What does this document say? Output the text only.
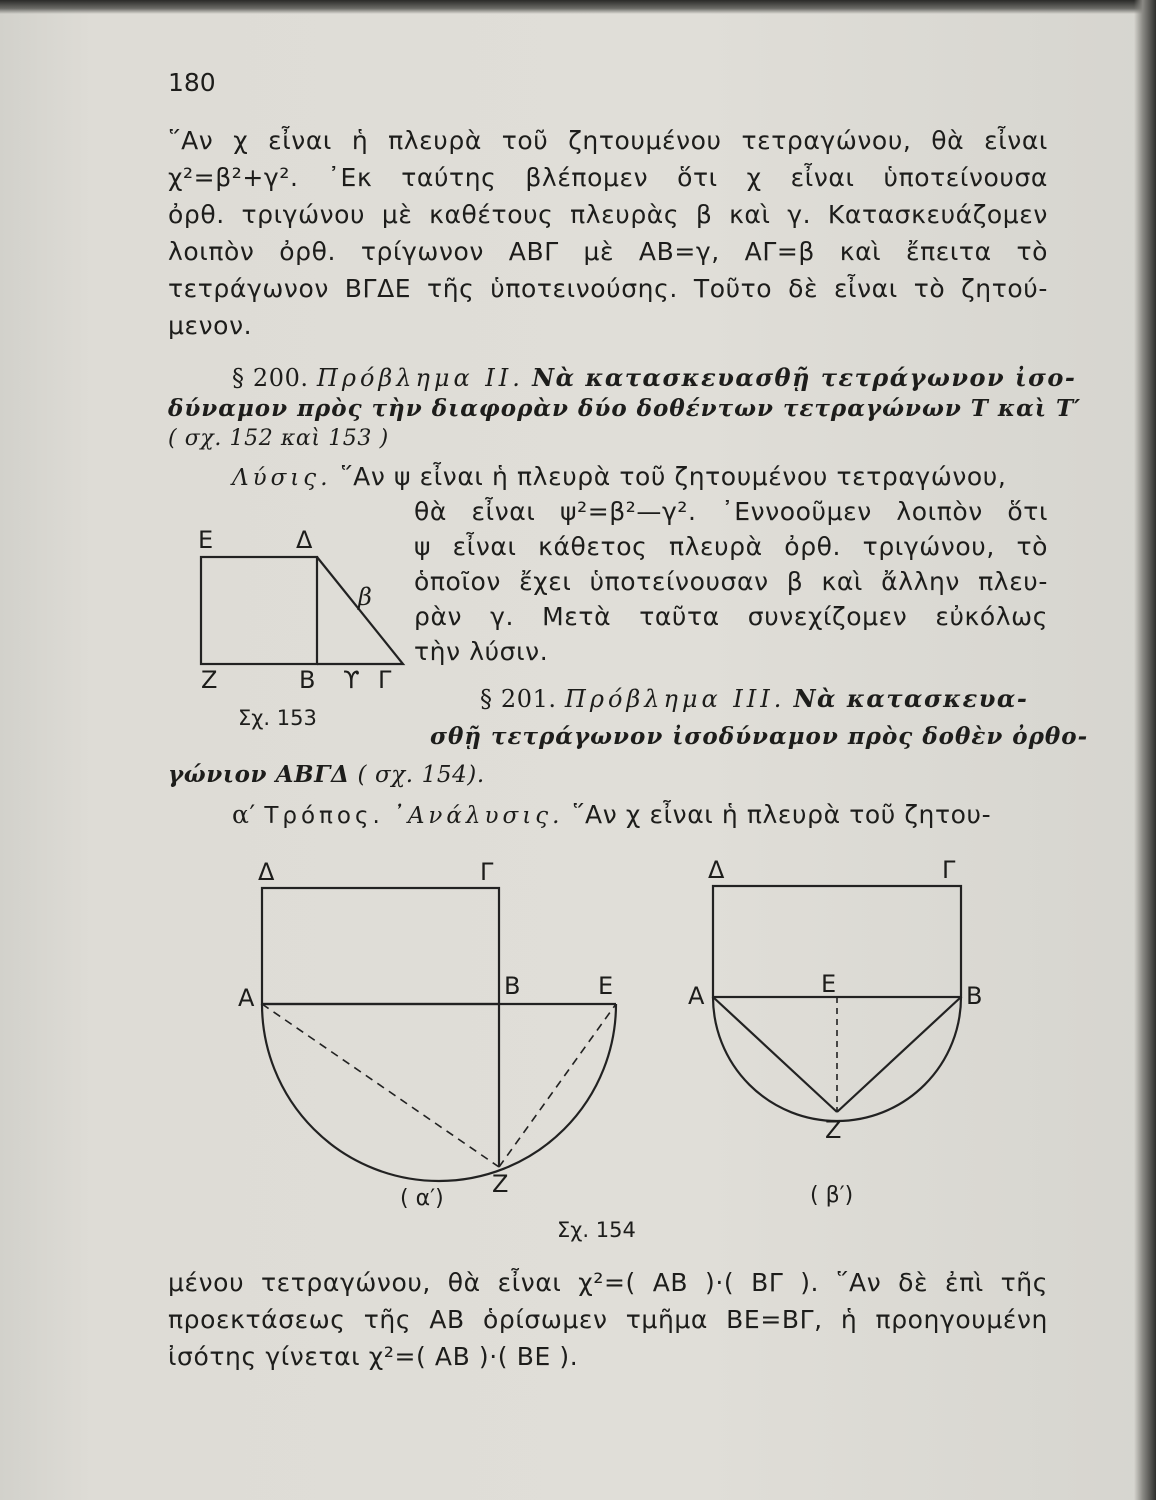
180
῞Αν χ εἶναι ἡ πλευρὰ τοῦ ζητουμένου τετραγώνου, θὰ εἶναι
χ²=β²+γ². ᾿Εκ ταύτης βλέπομεν ὅτι χ εἶναι ὑποτείνουσα
ὀρθ. τριγώνου μὲ καθέτους πλευρὰς β καὶ γ. Κατασκευάζομεν
λοιπὸν ὀρθ. τρίγωνον ΑΒΓ μὲ ΑΒ=γ, ΑΓ=β καὶ ἔπειτα τὸ
τετράγωνον ΒΓΔΕ τῆς ὑποτεινούσης. Τοῦτο δὲ εἶναι τὸ ζητού-
μενον.
§ 200. Πρόβλημα ΙΙ. Νὰ κατασκευασθῇ τετράγωνον ἰσο-
δύναμον πρὸς τὴν διαφορὰν δύο δοθέντων τετραγώνων Τ καὶ Τ′
( σχ. 152 καὶ 153 )
Λύσις. ῞Αν ψ εἶναι ἡ πλευρὰ τοῦ ζητουμένου τετραγώνου,
θὰ εἶναι ψ²=β²—γ². ᾿Εννοοῦμεν λοιπὸν ὅτι
ψ εἶναι κάθετος πλευρὰ ὀρθ. τριγώνου, τὸ
ὁποῖον ἔχει ὑποτείνουσαν β καὶ ἄλλην πλευ-
ρὰν γ. Μετὰ ταῦτα συνεχίζομεν εὐκόλως
τὴν λύσιν.
Ε	Δ
β
Ζ	Β ϒ Γ
Σχ. 153
§ 201. Πρόβλημα ΙΙΙ. Νὰ κατασκευα-
σθῇ τετράγωνον ἰσοδύναμον πρὸς δοθὲν ὀρθο-
γώνιον ΑΒΓΔ ( σχ. 154).
α′ Τρόπος. ᾿Ανάλυσις. ῞Αν χ εἶναι ἡ πλευρὰ τοῦ ζητου-
Δ	Γ
Α	Β	Ε
Ζ
( α′)
Δ	Γ
Α	Ε	Β
Ζ
( β′)
Σχ. 154
μένου τετραγώνου, θὰ εἶναι χ²=( ΑΒ )·( ΒΓ ). ῞Αν δὲ ἐπὶ τῆς
προεκτάσεως τῆς ΑΒ ὁρίσωμεν τμῆμα ΒΕ=ΒΓ, ἡ προηγουμένη
ἰσότης γίνεται χ²=( ΑΒ )·( ΒΕ ).
